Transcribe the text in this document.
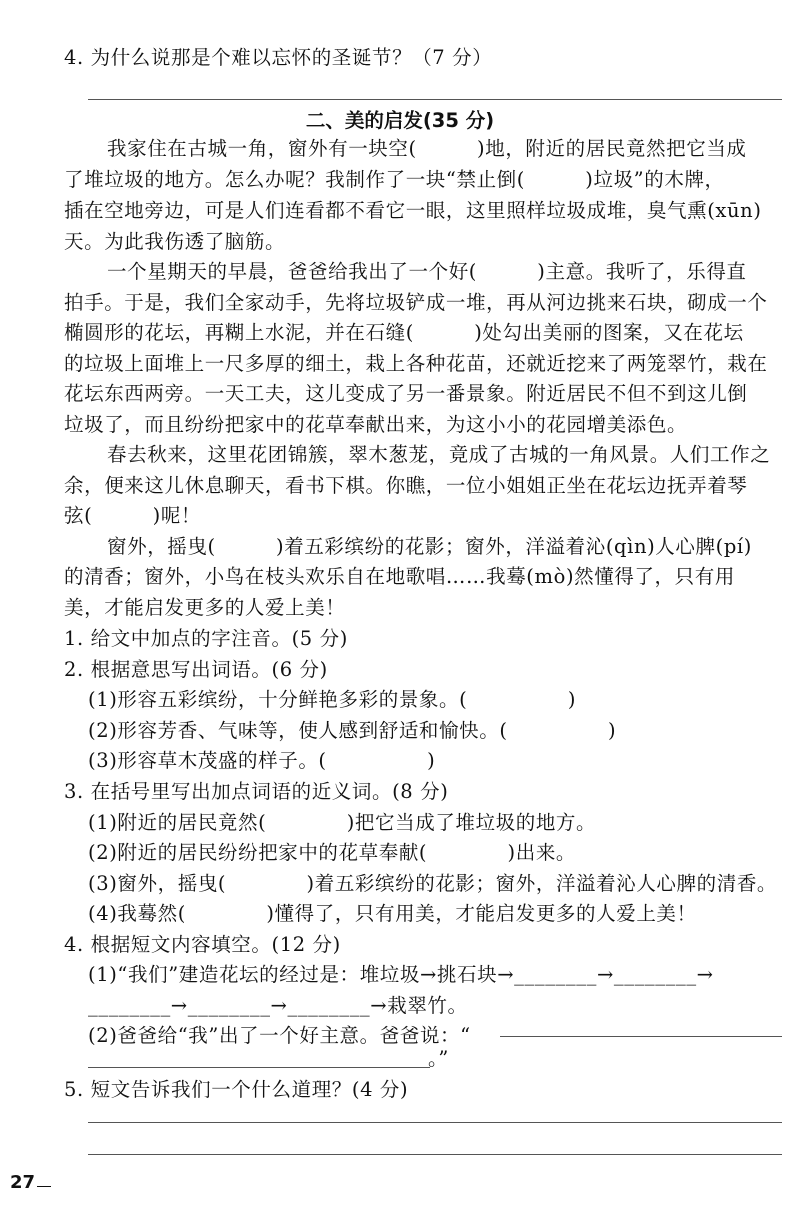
4. 为什么说那是个难以忘怀的圣诞节？（7 分）
二、美的启发(35 分)
我家住在古城一角，窗外有一块空(　　　)地，附近的居民竟然把它当成
了堆垃圾的地方。怎么办呢？我制作了一块“禁止倒(　　　)垃圾”的木牌，
插在空地旁边，可是人们连看都不看它一眼，这里照样垃圾成堆，臭气熏(xūn)
天。为此我伤透了脑筋。
一个星期天的早晨，爸爸给我出了一个好(　　　)主意。我听了，乐得直
拍手。于是，我们全家动手，先将垃圾铲成一堆，再从河边挑来石块，砌成一个
椭圆形的花坛，再糊上水泥，并在石缝(　　　)处勾出美丽的图案，又在花坛
的垃圾上面堆上一尺多厚的细土，栽上各种花苗，还就近挖来了两笼翠竹，栽在
花坛东西两旁。一天工夫，这儿变成了另一番景象。附近居民不但不到这儿倒
垃圾了，而且纷纷把家中的花草奉献出来，为这小小的花园增美添色。
春去秋来，这里花团锦簇，翠木葱茏，竟成了古城的一角风景。人们工作之
余，便来这儿休息聊天，看书下棋。你瞧，一位小姐姐正坐在花坛边抚弄着琴
弦(　　　)呢！
窗外，摇曳(　　　)着五彩缤纷的花影；窗外，洋溢着沁(qìn)人心脾(pí)
的清香；窗外，小鸟在枝头欢乐自在地歌唱……我蓦(mò)然懂得了，只有用
美，才能启发更多的人爱上美！
1. 给文中加点的字注音。(5 分)
2. 根据意思写出词语。(6 分)
(1)形容五彩缤纷，十分鲜艳多彩的景象。(　　　　　)
(2)形容芳香、气味等，使人感到舒适和愉快。(　　　　　)
(3)形容草木茂盛的样子。(　　　　　)
3. 在括号里写出加点词语的近义词。(8 分)
(1)附近的居民竟然(　　　　)把它当成了堆垃圾的地方。
(2)附近的居民纷纷把家中的花草奉献(　　　　)出来。
(3)窗外，摇曳(　　　　)着五彩缤纷的花影；窗外，洋溢着沁人心脾的清香。
(4)我蓦然(　　　　)懂得了，只有用美，才能启发更多的人爱上美！
4. 根据短文内容填空。(12 分)
(1)“我们”建造花坛的经过是：堆垃圾→挑石块→________→________→
________→________→________→栽翠竹。
(2)爸爸给“我”出了一个好主意。爸爸说：“
。”
5. 短文告诉我们一个什么道理？(4 分)
27
